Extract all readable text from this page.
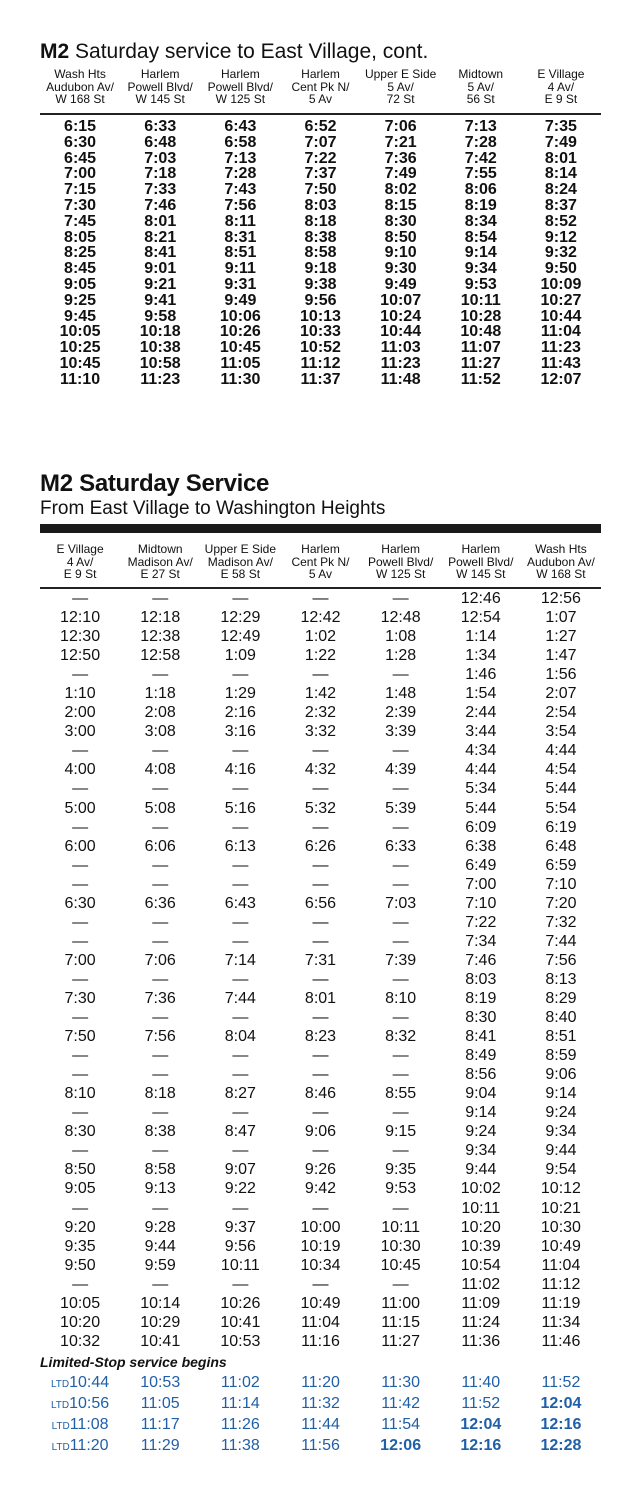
M2 Saturday service to East Village, cont.
Wash Hts
Audubon Av/
W 168 St
Harlem
Powell Blvd/
W 145 St
Harlem
Powell Blvd/
W 125 St
Harlem
Cent Pk N/
5 Av
Upper E Side
5 Av/
72 St
Midtown
5 Av/
56 St
E Village
4 Av/
E 9 St
6:15	6:33	6:43	6:52	7:06	7:13	7:35
6:30	6:48	6:58	7:07	7:21	7:28	7:49
6:45	7:03	7:13	7:22	7:36	7:42	8:01
7:00	7:18	7:28	7:37	7:49	7:55	8:14
7:15	7:33	7:43	7:50	8:02	8:06	8:24
7:30	7:46	7:56	8:03	8:15	8:19	8:37
7:45	8:01	8:11	8:18	8:30	8:34	8:52
8:05	8:21	8:31	8:38	8:50	8:54	9:12
8:25	8:41	8:51	8:58	9:10	9:14	9:32
8:45	9:01	9:11	9:18	9:30	9:34	9:50
9:05	9:21	9:31	9:38	9:49	9:53	10:09
9:25	9:41	9:49	9:56	10:07	10:11	10:27
9:45	9:58	10:06	10:13	10:24	10:28	10:44
10:05	10:18	10:26	10:33	10:44	10:48	11:04
10:25	10:38	10:45	10:52	11:03	11:07	11:23
10:45	10:58	11:05	11:12	11:23	11:27	11:43
11:10	11:23	11:30	11:37	11:48	11:52	12:07
M2 Saturday Service
From East Village to Washington Heights
E Village
4 Av/
E 9 St
Midtown
Madison Av/
E 27 St
Upper E Side
Madison Av/
E 58 St
Harlem
Cent Pk N/
5 Av
Harlem
Powell Blvd/
W 125 St
Harlem
Powell Blvd/
W 145 St
Wash Hts
Audubon Av/
W 168 St
—	—	—	—	—	12:46	12:56
12:10	12:18	12:29	12:42	12:48	12:54	1:07
12:30	12:38	12:49	1:02	1:08	1:14	1:27
12:50	12:58	1:09	1:22	1:28	1:34	1:47
—	—	—	—	—	1:46	1:56
1:10	1:18	1:29	1:42	1:48	1:54	2:07
2:00	2:08	2:16	2:32	2:39	2:44	2:54
3:00	3:08	3:16	3:32	3:39	3:44	3:54
—	—	—	—	—	4:34	4:44
4:00	4:08	4:16	4:32	4:39	4:44	4:54
—	—	—	—	—	5:34	5:44
5:00	5:08	5:16	5:32	5:39	5:44	5:54
—	—	—	—	—	6:09	6:19
6:00	6:06	6:13	6:26	6:33	6:38	6:48
—	—	—	—	—	6:49	6:59
—	—	—	—	—	7:00	7:10
6:30	6:36	6:43	6:56	7:03	7:10	7:20
—	—	—	—	—	7:22	7:32
—	—	—	—	—	7:34	7:44
7:00	7:06	7:14	7:31	7:39	7:46	7:56
—	—	—	—	—	8:03	8:13
7:30	7:36	7:44	8:01	8:10	8:19	8:29
—	—	—	—	—	8:30	8:40
7:50	7:56	8:04	8:23	8:32	8:41	8:51
—	—	—	—	—	8:49	8:59
—	—	—	—	—	8:56	9:06
8:10	8:18	8:27	8:46	8:55	9:04	9:14
—	—	—	—	—	9:14	9:24
8:30	8:38	8:47	9:06	9:15	9:24	9:34
—	—	—	—	—	9:34	9:44
8:50	8:58	9:07	9:26	9:35	9:44	9:54
9:05	9:13	9:22	9:42	9:53	10:02	10:12
—	—	—	—	—	10:11	10:21
9:20	9:28	9:37	10:00	10:11	10:20	10:30
9:35	9:44	9:56	10:19	10:30	10:39	10:49
9:50	9:59	10:11	10:34	10:45	10:54	11:04
—	—	—	—	—	11:02	11:12
10:05	10:14	10:26	10:49	11:00	11:09	11:19
10:20	10:29	10:41	11:04	11:15	11:24	11:34
10:32	10:41	10:53	11:16	11:27	11:36	11:46
Limited-Stop service begins
LTD10:44	10:53	11:02	11:20	11:30	11:40	11:52
LTD10:56	11:05	11:14	11:32	11:42	11:52	12:04
LTD11:08	11:17	11:26	11:44	11:54	12:04	12:16
LTD11:20	11:29	11:38	11:56	12:06	12:16	12:28
